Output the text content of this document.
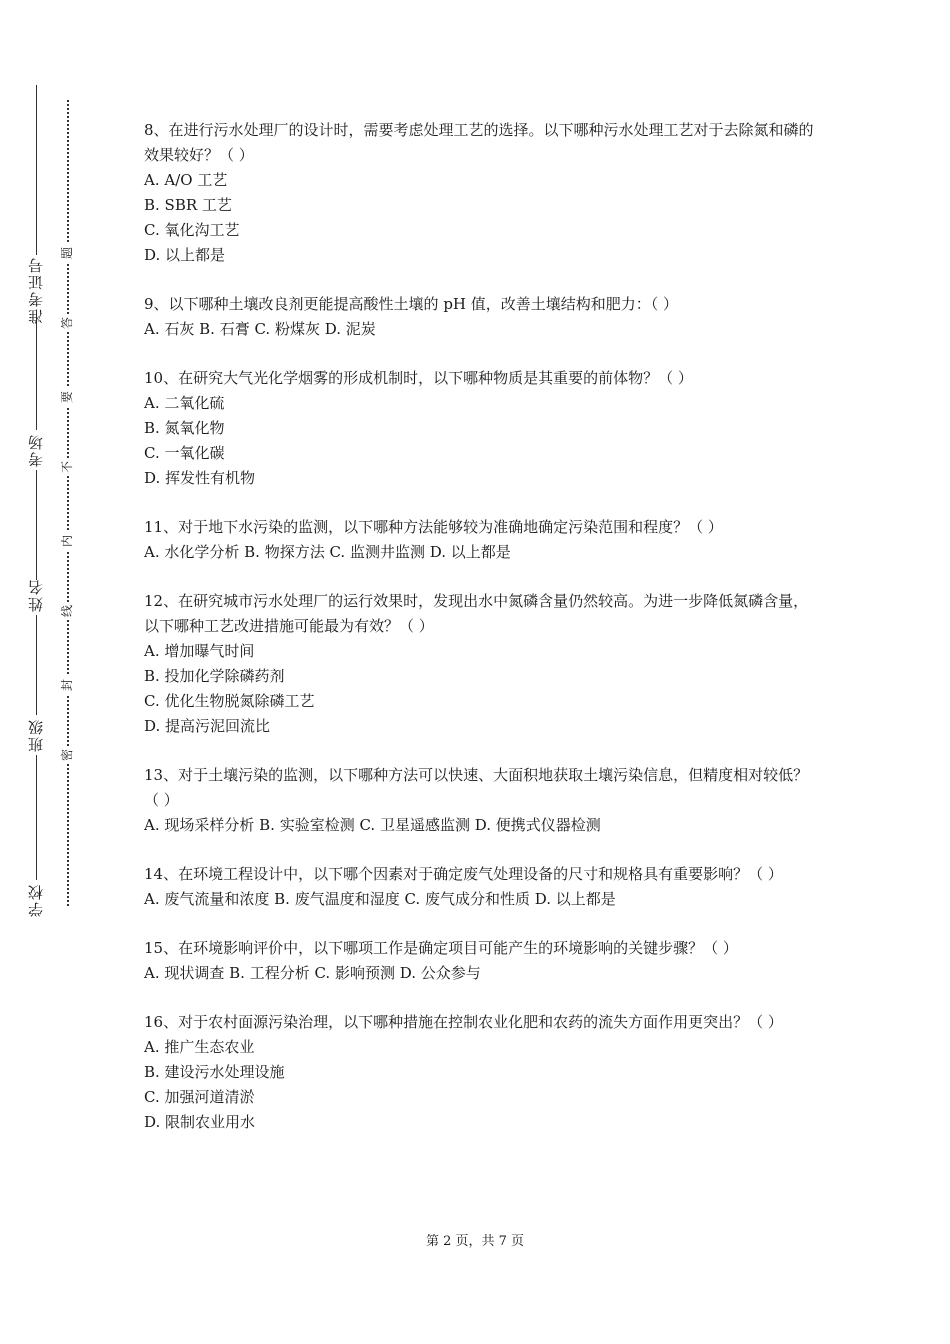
准考证号
考场
姓名
班级
学校
题
答
要
不
内
线
封
密
8、在进行污水处理厂的设计时，需要考虑处理工艺的选择。以下哪种污水处理工艺对于去除氮和磷的效果较好？（ ）
A. A/O 工艺
B. SBR 工艺
C. 氧化沟工艺
D. 以上都是
9、以下哪种土壤改良剂更能提高酸性土壤的 pH 值，改善土壤结构和肥力：（ ）
A. 石灰 B. 石膏 C. 粉煤灰 D. 泥炭
10、在研究大气光化学烟雾的形成机制时，以下哪种物质是其重要的前体物？（ ）
A. 二氧化硫
B. 氮氧化物
C. 一氧化碳
D. 挥发性有机物
11、对于地下水污染的监测，以下哪种方法能够较为准确地确定污染范围和程度？（ ）
A. 水化学分析 B. 物探方法 C. 监测井监测 D. 以上都是
12、在研究城市污水处理厂的运行效果时，发现出水中氮磷含量仍然较高。为进一步降低氮磷含量，以下哪种工艺改进措施可能最为有效？（ ）
A. 增加曝气时间
B. 投加化学除磷药剂
C. 优化生物脱氮除磷工艺
D. 提高污泥回流比
13、对于土壤污染的监测，以下哪种方法可以快速、大面积地获取土壤污染信息，但精度相对较低？（ ）
A. 现场采样分析 B. 实验室检测 C. 卫星遥感监测 D. 便携式仪器检测
14、在环境工程设计中，以下哪个因素对于确定废气处理设备的尺寸和规格具有重要影响？（ ）
A. 废气流量和浓度 B. 废气温度和湿度 C. 废气成分和性质 D. 以上都是
15、在环境影响评价中，以下哪项工作是确定项目可能产生的环境影响的关键步骤？（ ）
A. 现状调查 B. 工程分析 C. 影响预测 D. 公众参与
16、对于农村面源污染治理，以下哪种措施在控制农业化肥和农药的流失方面作用更突出？（ ）
A. 推广生态农业
B. 建设污水处理设施
C. 加强河道清淤
D. 限制农业用水
第 2 页，共 7 页
